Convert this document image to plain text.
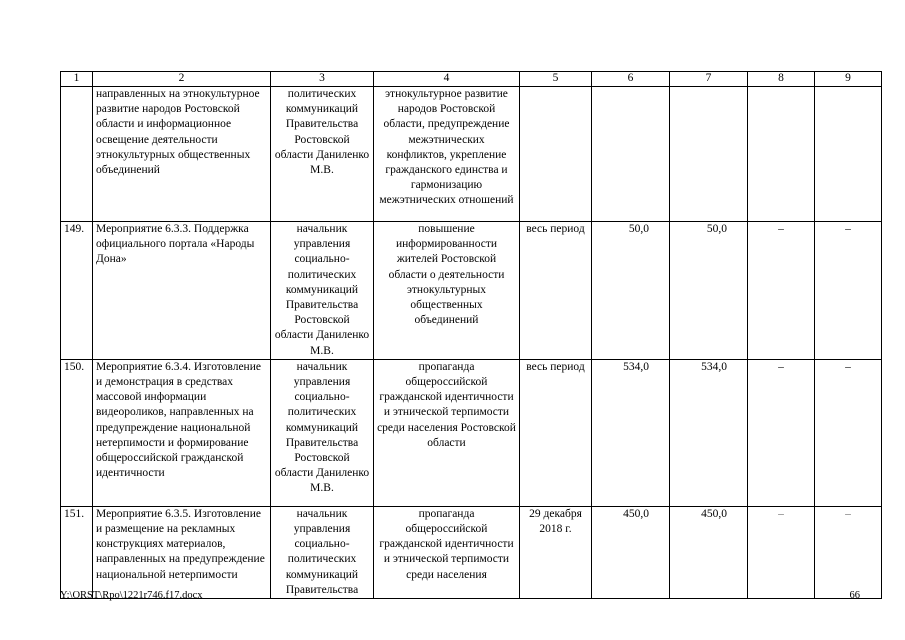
1	2	3	4	5	6	7	8	9
	направленных на этнокультурное развитие народов Ростовской области и информационное освещение деятельности этнокультурных общественных объединений	политических коммуникаций Правительства Ростовской области Даниленко М.В.	этнокультурное развитие народов Ростовской области, предупреждение межэтнических конфликтов, укрепление гражданского единства и гармонизацию межэтнических отношений					
149.	Мероприятие 6.3.3. Поддержка официального портала «Народы Дона»	начальник управления социально-политических коммуникаций Правительства Ростовской области Даниленко М.В.	повышение информированности жителей Ростовской области о деятельности этнокультурных общественных объединений	весь период	50,0	50,0	–	–
150.	Мероприятие 6.3.4. Изготовление и демонстрация в средствах массовой информации видеороликов, направленных на предупреждение национальной нетерпимости и формирование общероссийской гражданской идентичности	начальник управления социально-политических коммуникаций Правительства Ростовской области Даниленко М.В.	пропаганда общероссийской гражданской идентичности и этнической терпимости среди населения Ростовской области	весь период	534,0	534,0	–	–
151.	Мероприятие 6.3.5. Изготовление и размещение на рекламных конструкциях материалов, направленных на предупреждение национальной нетерпимости	начальник управления социально-политических коммуникаций Правительства	пропаганда общероссийской гражданской идентичности и этнической терпимости среди населения	29 декабря 2018 г.	450,0	450,0	–	–
Y:\ORST\Rpo\1221r746.f17.docx	66
